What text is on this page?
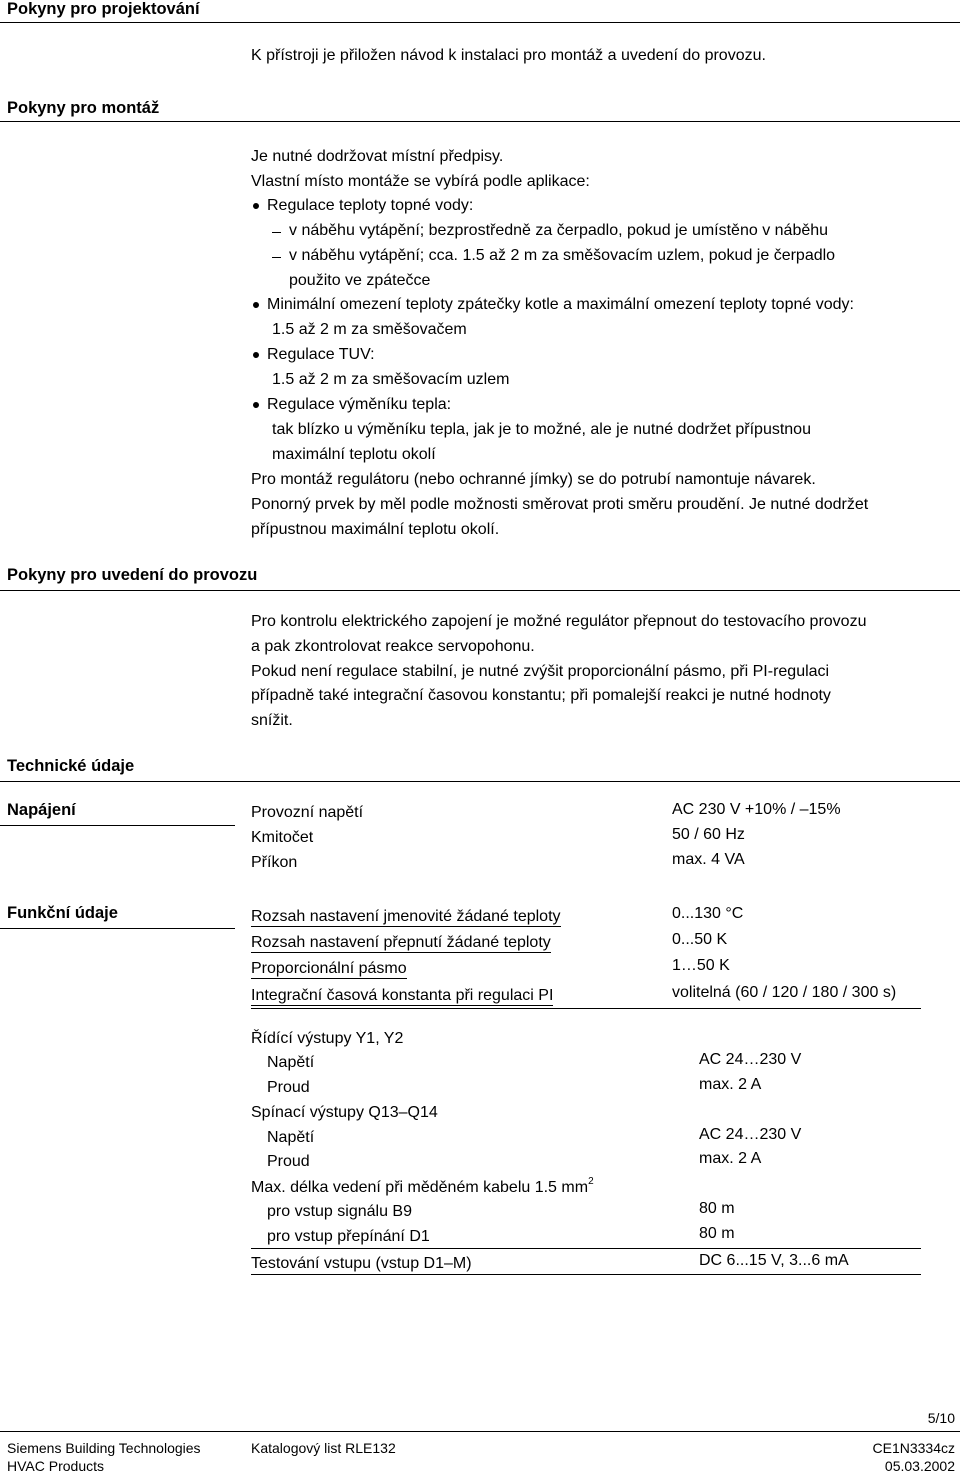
Pokyny pro projektování
K přístroji je přiložen návod k instalaci pro montáž a uvedení do provozu.
Pokyny pro montáž
Je nutné dodržovat místní předpisy.
Vlastní místo montáže se vybírá podle aplikace:
Regulace teploty topné vody:
v náběhu vytápění; bezprostředně za čerpadlo, pokud je umístěno v náběhu
v náběhu vytápění; cca. 1.5 až 2 m za směšovacím uzlem, pokud je čerpadlo
použito ve zpátečce
Minimální omezení teploty zpátečky kotle a maximální omezení teploty topné vody:
1.5 až 2 m za směšovačem
Regulace TUV:
1.5 až 2 m za směšovacím uzlem
Regulace výměníku tepla:
tak blízko u výměníku tepla, jak je to možné, ale je nutné dodržet přípustnou
maximální teplotu okolí
Pro montáž regulátoru (nebo ochranné jímky) se do potrubí namontuje návarek.
Ponorný prvek by měl podle možnosti směrovat proti směru proudění. Je nutné dodržet
přípustnou maximální teplotu okolí.
Pokyny pro uvedení do provozu
Pro kontrolu elektrického zapojení je možné regulátor přepnout do testovacího provozu
a pak zkontrolovat reakce servopohonu.
Pokud není regulace stabilní, je nutné zvýšit proporcionální pásmo, při PI-regulaci
případně také integrační časovou konstantu; při pomalejší reakci je nutné hodnoty
snížit.
Technické údaje
Napájení	Provozní napětí	AC 230 V +10% / –15%
Kmitočet	50 / 60 Hz
Příkon	max. 4 VA
Funkční údaje	Rozsah nastavení jmenovité žádané teploty	0...130 °C
Rozsah nastavení přepnutí žádané teploty	0...50 K
Proporcionální pásmo	1…50 K
Integrační časová konstanta při regulaci PI	volitelná (60 / 120 / 180 / 300 s)
Řídící výstupy Y1, Y2
Napětí	AC 24…230 V
Proud	max. 2 A
Spínací výstupy Q13–Q14
Napětí	AC 24…230 V
Proud	max. 2 A
Max. délka vedení při měděném kabelu 1.5 $mm^2$
pro vstup signálu B9	80 m
pro vstup přepínání D1	80 m
Testování vstupu (vstup D1–M)	DC 6...15 V, 3...6 mA
5/10
Siemens Building Technologies
HVAC Products
Katalogový list RLE132	CE1N3334cz
05.03.2002
